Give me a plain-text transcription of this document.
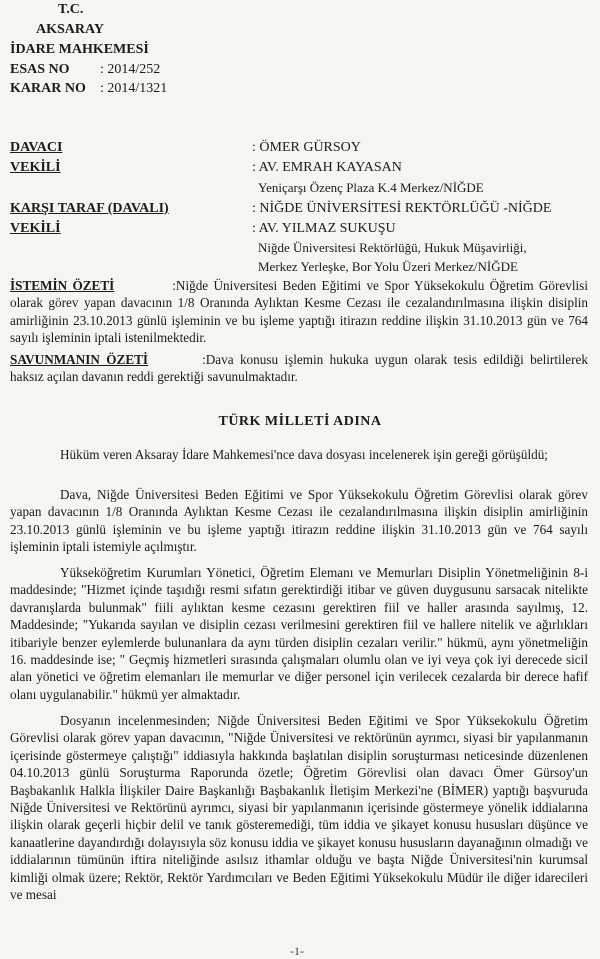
T.C.
AKSARAY
İDARE MAHKEMESİ
ESAS NO : 2014/252
KARAR NO : 2014/1321
DAVACI	: ÖMER GÜRSOY
VEKİLİ	: AV. EMRAH KAYASAN
Yeniçarşı Özenç Plaza K.4 Merkez/NİĞDE
KARŞI TARAF (DAVALI)	: NİĞDE ÜNİVERSİTESİ REKTÖRLÜĞÜ -NİĞDE
VEKİLİ	: AV. YILMAZ SUKUŞU
Niğde Üniversitesi Rektörlüğü, Hukuk Müşavirliği,
Merkez Yerleşke, Bor Yolu Üzeri Merkez/NİĞDE

İSTEMİN ÖZETİ	:Niğde Üniversitesi Beden Eğitimi ve Spor Yüksekokulu Öğretim Görevlisi olarak görev yapan davacının 1/8 Oranında Aylıktan Kesme Cezası ile cezalandırılmasına ilişkin disiplin amirliğinin 23.10.2013 günlü işleminin ve bu işleme yaptığı itirazın reddine ilişkin 31.10.2013 gün ve 764 sayılı işleminin iptali istenilmektedir.

SAVUNMANIN ÖZETİ	:Dava konusu işlemin hukuka uygun olarak tesis edildiği belirtilerek haksız açılan davanın reddi gerektiği savunulmaktadır.

TÜRK MİLLETİ ADINA

Hüküm veren Aksaray İdare Mahkemesi'nce dava dosyası incelenerek işin gereği görüşüldü;

Dava, Niğde Üniversitesi Beden Eğitimi ve Spor Yüksekokulu Öğretim Görevlisi olarak görev yapan davacının 1/8 Oranında Aylıktan Kesme Cezası ile cezalandırılmasına ilişkin disiplin amirliğinin 23.10.2013 günlü işleminin ve bu işleme yaptığı itirazın reddine ilişkin 31.10.2013 gün ve 764 sayılı işleminin iptali istemiyle açılmıştır.

Yükseköğretim Kurumları Yönetici, Öğretim Elemanı ve Memurları Disiplin Yönetmeliğinin 8-i maddesinde; "Hizmet içinde taşıdığı resmi sıfatın gerektirdiği itibar ve güven duygusunu sarsacak nitelikte davranışlarda bulunmak" fiili aylıktan kesme cezasını gerektiren fiil ve haller arasında sayılmış, 12. Maddesinde; "Yukarıda sayılan ve disiplin cezası verilmesini gerektiren fiil ve hallere nitelik ve ağırlıkları itibariyle benzer eylemlerde bulunanlara da aynı türden disiplin cezaları verilir." hükmü, aynı yönetmeliğin 16. maddesinde ise; " Geçmiş hizmetleri sırasında çalışmaları olumlu olan ve iyi veya çok iyi derecede sicil alan yönetici ve öğretim elemanları ile memurlar ve diğer personel için verilecek cezalarda bir derece hafif olanı uygulanabilir." hükmü yer almaktadır.

Dosyanın incelenmesinden; Niğde Üniversitesi Beden Eğitimi ve Spor Yüksekokulu Öğretim Görevlisi olarak görev yapan davacının, "Niğde Üniversitesi ve rektörünün ayrımcı, siyasi bir yapılanmanın içerisinde göstermeye çalıştığı" iddiasıyla hakkında başlatılan disiplin soruşturması neticesinde düzenlenen 04.10.2013 günlü Soruşturma Raporunda özetle; Öğretim Görevlisi olan davacı Ömer Gürsoy'un Başbakanlık Halkla İlişkiler Daire Başkanlığı Başbakanlık İletişim Merkezi'ne (BİMER) yaptığı başvuruda Niğde Üniversitesi ve Rektörünü ayrımcı, siyasi bir yapılanmanın içerisinde göstermeye yönelik iddialarına ilişkin olarak geçerli hiçbir delil ve tanık gösteremediği, tüm iddia ve şikayet konusu hususları düşünce ve kanaatlerine dayandırdığı dolayısıyla söz konusu iddia ve şikayet konusu hususların dayanağının olmadığı ve iddialarının tümünün iftira niteliğinde asılsız ithamlar olduğu ve başta Niğde Üniversitesi'nin kurumsal kimliği olmak üzere; Rektör, Rektör Yardımcıları ve Beden Eğitimi Yüksekokulu Müdür ile diğer idarecileri ve mesai

-1-
